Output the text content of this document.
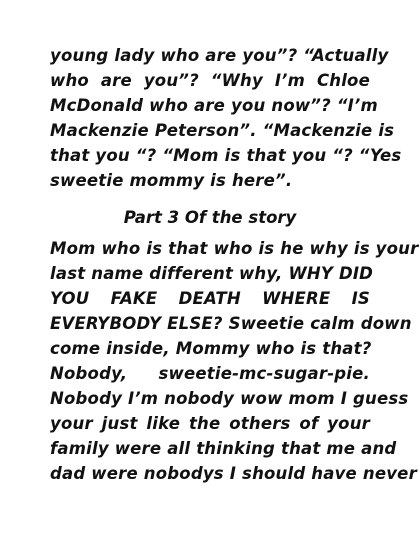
young lady who are you”? “Actually
who are you”? “Why I’m Chloe
McDonald who are you now”? “I’m
Mackenzie Peterson”. “Mackenzie is
that you “? “Mom is that you “? “Yes
sweetie mommy is here”.
Part 3 Of the story
Mom who is that who is he why is your
last name different why, WHY DID
YOU FAKE DEATH WHERE IS
EVERYBODY ELSE? Sweetie calm down
come inside, Mommy who is that?
Nobody, sweetie-mc-sugar-pie.
Nobody I’m nobody wow mom I guess
your just like the others of your
family were all thinking that me and
dad were nobodys I should have never
